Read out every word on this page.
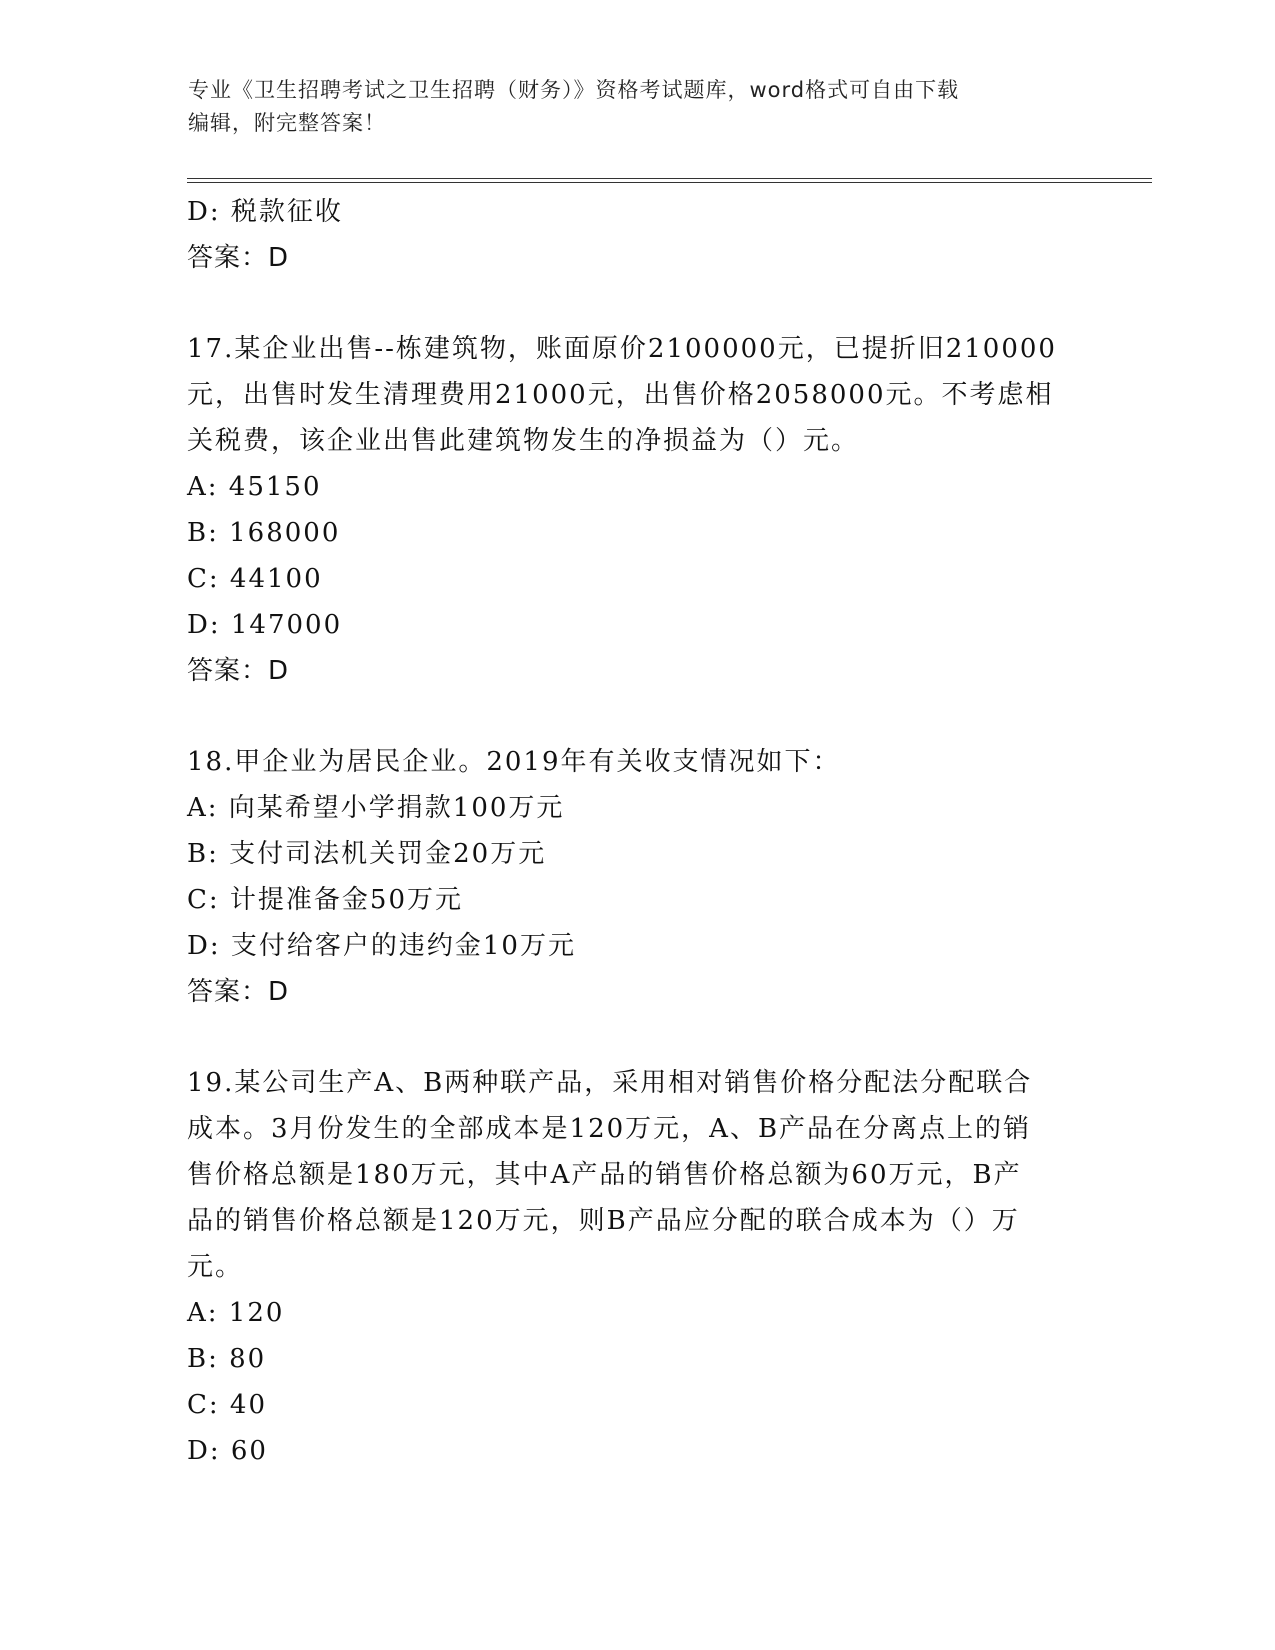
专业《卫生招聘考试之卫生招聘（财务）》资格考试题库，word格式可自由下载
编辑，附完整答案！
D: 税款征收
答案：D
17.某企业出售--栋建筑物，账面原价2100000元，已提折旧210000
元，出售时发生清理费用21000元，出售价格2058000元。不考虑相
关税费，该企业出售此建筑物发生的净损益为（）元。
A: 45150
B: 168000
C: 44100
D: 147000
答案：D
18.甲企业为居民企业。2019年有关收支情况如下：
A: 向某希望小学捐款100万元
B: 支付司法机关罚金20万元
C: 计提准备金50万元
D: 支付给客户的违约金10万元
答案：D
19.某公司生产A、B两种联产品，采用相对销售价格分配法分配联合
成本。3月份发生的全部成本是120万元，A、B产品在分离点上的销
售价格总额是180万元，其中A产品的销售价格总额为60万元，B产
品的销售价格总额是120万元，则B产品应分配的联合成本为（）万
元。
A: 120
B: 80
C: 40
D: 60
